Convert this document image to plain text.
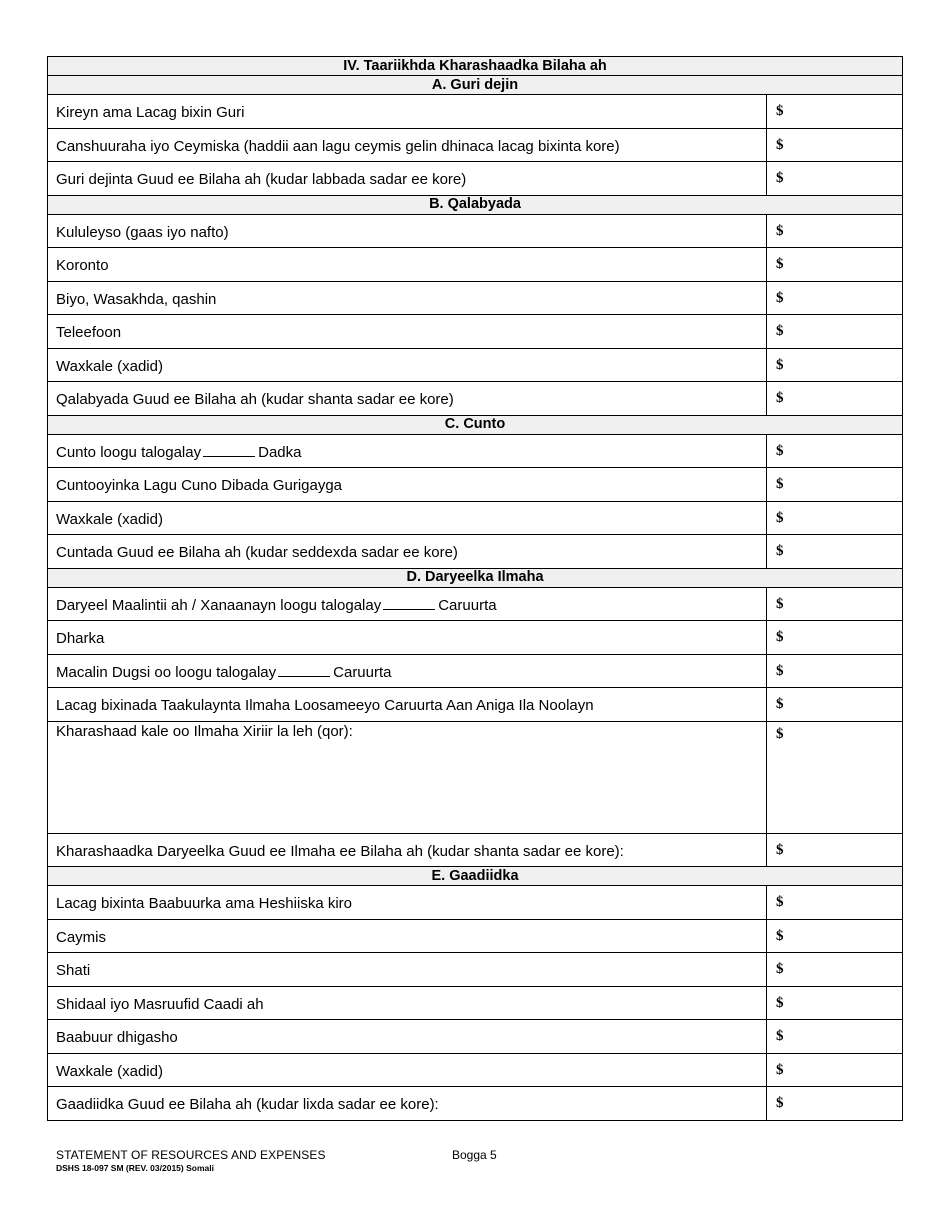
IV. Taariikhda Kharashaadka Bilaha ah	
A. Guri dejin	
Kireyn ama Lacag bixin Guri	$
Canshuuraha iyo Ceymiska (haddii aan lagu ceymis gelin dhinaca lacag bixinta kore)	$
Guri dejinta Guud ee Bilaha ah (kudar labbada sadar ee kore)	$
B. Qalabyada	
Kululeyso (gaas iyo nafto)	$
Koronto	$
Biyo, Wasakhda, qashin	$
Teleefoon	$
Waxkale (xadid)	$
Qalabyada Guud ee Bilaha ah (kudar shanta sadar ee kore)	$
C. Cunto	
Cunto loogu talogalay Dadka	$
Cuntooyinka Lagu Cuno Dibada Gurigayga	$
Waxkale (xadid)	$
Cuntada Guud ee Bilaha ah (kudar seddexda sadar ee kore)	$
D. Daryeelka Ilmaha	
Daryeel Maalintii ah / Xanaanayn loogu talogalay Caruurta	$
Dharka	$
Macalin Dugsi oo loogu talogalay Caruurta	$
Lacag bixinada Taakulaynta Ilmaha Loosameeyo Caruurta Aan Aniga Ila Noolayn	$
Kharashaad kale oo Ilmaha Xiriir la leh (qor):	$
Kharashaadka Daryeelka Guud ee Ilmaha ee Bilaha ah (kudar shanta sadar ee kore):	$
E. Gaadiidka	
Lacag bixinta Baabuurka ama Heshiiska kiro	$
Caymis	$
Shati	$
Shidaal iyo Masruufid Caadi ah	$
Baabuur dhigasho	$
Waxkale (xadid)	$
Gaadiidka Guud ee Bilaha ah (kudar lixda sadar ee kore):	$
STATEMENT OF RESOURCES AND EXPENSES
DSHS 18-097 SM (REV. 03/2015) Somali
Bogga 5
